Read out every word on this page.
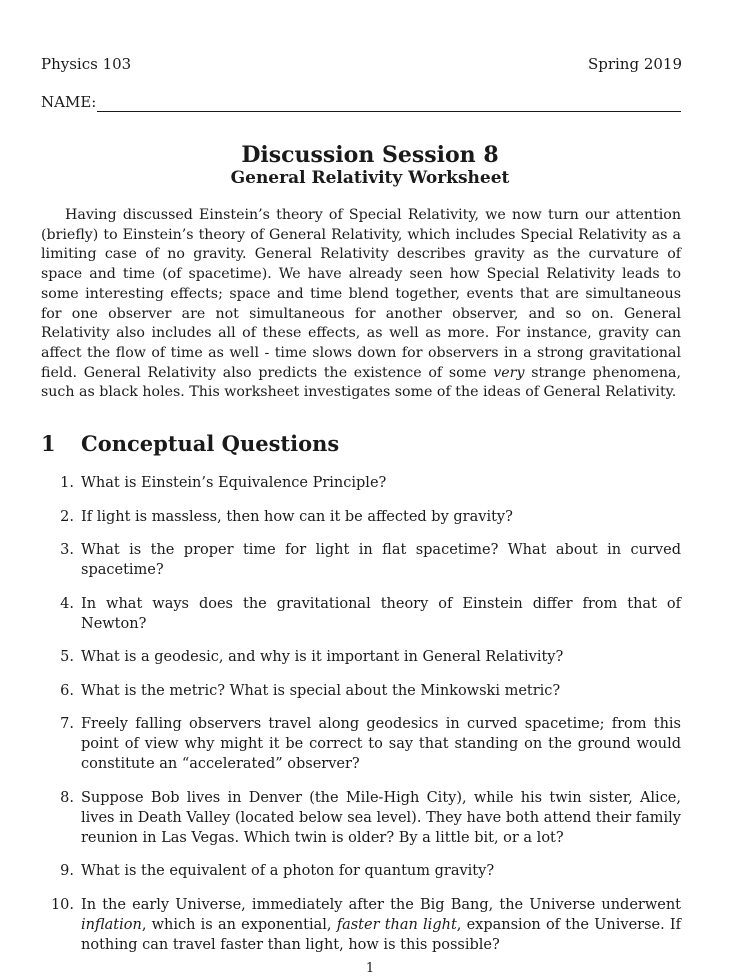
Physics 103	Spring 2019
NAME:
Discussion Session 8
General Relativity Worksheet

Having discussed Einstein’s theory of Special Relativity, we now turn our attention (briefly) to Einstein’s theory of General Relativity, which includes Special Relativity as a limiting case of no gravity. General Relativity describes gravity as the curvature of space and time (of spacetime). We have already seen how Special Relativity leads to some interesting effects; space and time blend together, events that are simultaneous for one observer are not simultaneous for another observer, and so on. General Relativity also includes all of these effects, as well as more. For instance, gravity can affect the flow of time as well - time slows down for observers in a strong gravitational field. General Relativity also predicts the existence of some very strange phenomena, such as black holes. This worksheet investigates some of the ideas of General Relativity.

1 Conceptual Questions
1. What is Einstein’s Equivalence Principle?
2. If light is massless, then how can it be affected by gravity?
3. What is the proper time for light in flat spacetime? What about in curved spacetime?
4. In what ways does the gravitational theory of Einstein differ from that of Newton?
5. What is a geodesic, and why is it important in General Relativity?
6. What is the metric? What is special about the Minkowski metric?
7. Freely falling observers travel along geodesics in curved spacetime; from this point of view why might it be correct to say that standing on the ground would constitute an “accelerated” observer?
8. Suppose Bob lives in Denver (the Mile-High City), while his twin sister, Alice, lives in Death Valley (located below sea level). They have both attend their family reunion in Las Vegas. Which twin is older? By a little bit, or a lot?
9. What is the equivalent of a photon for quantum gravity?
10. In the early Universe, immediately after the Big Bang, the Universe underwent inflation, which is an exponential, faster than light, expansion of the Universe. If nothing can travel faster than light, how is this possible?
1
